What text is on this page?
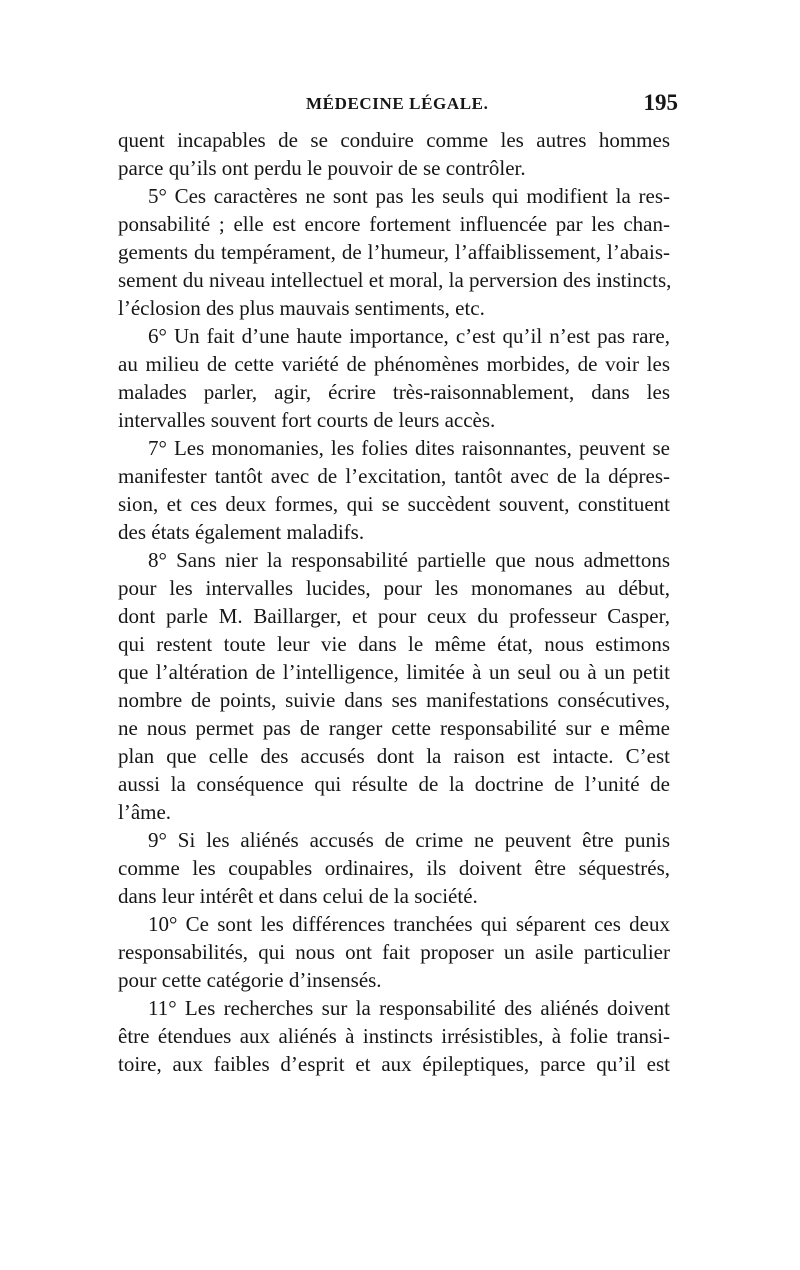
MÉDECINE LÉGALE.	195
quent incapables de se conduire comme les autres hommes
parce qu’ils ont perdu le pouvoir de se contrôler.
5° Ces caractères ne sont pas les seuls qui modifient la res-
ponsabilité ; elle est encore fortement influencée par les chan-
gements du tempérament, de l’humeur, l’affaiblissement, l’abais-
sement du niveau intellectuel et moral, la perversion des instincts,
l’éclosion des plus mauvais sentiments, etc.
6° Un fait d’une haute importance, c’est qu’il n’est pas rare,
au milieu de cette variété de phénomènes morbides, de voir les
malades parler, agir, écrire très-raisonnablement, dans les
intervalles souvent fort courts de leurs accès.
7° Les monomanies, les folies dites raisonnantes, peuvent se
manifester tantôt avec de l’excitation, tantôt avec de la dépres-
sion, et ces deux formes, qui se succèdent souvent, constituent
des états également maladifs.
8° Sans nier la responsabilité partielle que nous admettons
pour les intervalles lucides, pour les monomanes au début,
dont parle M. Baillarger, et pour ceux du professeur Casper,
qui restent toute leur vie dans le même état, nous estimons
que l’altération de l’intelligence, limitée à un seul ou à un petit
nombre de points, suivie dans ses manifestations consécutives,
ne nous permet pas de ranger cette responsabilité sur e même
plan que celle des accusés dont la raison est intacte. C’est
aussi la conséquence qui résulte de la doctrine de l’unité de
l’âme.
9° Si les aliénés accusés de crime ne peuvent être punis
comme les coupables ordinaires, ils doivent être séquestrés,
dans leur intérêt et dans celui de la société.
10° Ce sont les différences tranchées qui séparent ces deux
responsabilités, qui nous ont fait proposer un asile particulier
pour cette catégorie d’insensés.
11° Les recherches sur la responsabilité des aliénés doivent
être étendues aux aliénés à instincts irrésistibles, à folie transi-
toire, aux faibles d’esprit et aux épileptiques, parce qu’il est
